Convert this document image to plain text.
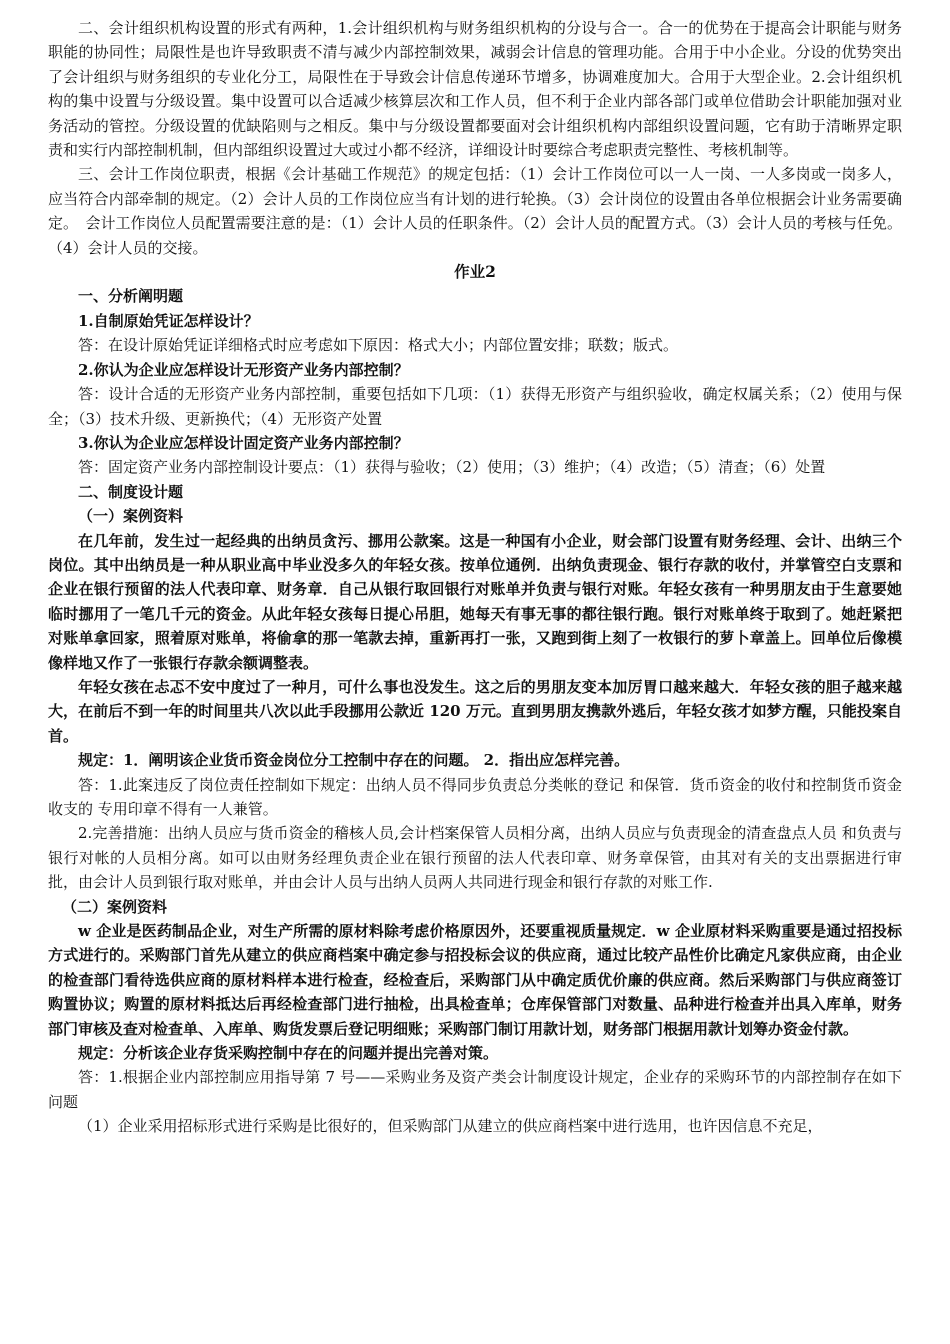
二、会计组织机构设置的形式有两种，1.会计组织机构与财务组织机构的分设与合一。合一的优势在于提高会计职能与财务职能的协同性；局限性是也许导致职责不清与减少内部控制效果，减弱会计信息的管理功能。合用于中小企业。分设的优势突出了会计组织与财务组织的专业化分工，局限性在于导致会计信息传递环节增多，协调难度加大。合用于大型企业。2.会计组织机构的集中设置与分级设置。集中设置可以合适减少核算层次和工作人员，但不利于企业内部各部门或单位借助会计职能加强对业务活动的管控。分级设置的优缺陷则与之相反。集中与分级设置都要面对会计组织机构内部组织设置问题，它有助于清晰界定职责和实行内部控制机制，但内部组织设置过大或过小都不经济，详细设计时要综合考虑职责完整性、考核机制等。

三、会计工作岗位职责，根据《会计基础工作规范》的规定包括：（1）会计工作岗位可以一人一岗、一人多岗或一岗多人，应当符合内部牵制的规定。（2）会计人员的工作岗位应当有计划的进行轮换。（3）会计岗位的设置由各单位根据会计业务需要确定。　会计工作岗位人员配置需要注意的是：（1）会计人员的任职条件。（2）会计人员的配置方式。（3）会计人员的考核与任免。（4）会计人员的交接。

作业2

一、分析阐明题

1.自制原始凭证怎样设计？

答：在设计原始凭证详细格式时应考虑如下原因：格式大小；内部位置安排；联数；版式。

2.你认为企业应怎样设计无形资产业务内部控制？

答：设计合适的无形资产业务内部控制，重要包括如下几项：（1）获得无形资产与组织验收，确定权属关系；（2）使用与保全；（3）技术升级、更新换代；（4）无形资产处置

3.你认为企业应怎样设计固定资产业务内部控制？

答：固定资产业务内部控制设计要点：（1）获得与验收；（2）使用；（3）维护；（4）改造；（5）清查；（6）处置

二、制度设计题

（一）案例资料

在几年前，发生过一起经典的出纳员贪污、挪用公款案。这是一种国有小企业，财会部门设置有财务经理、会计、出纳三个岗位。其中出纳员是一种从职业高中毕业没多久的年轻女孩。按单位通例．出纳负责现金、银行存款的收付，并掌管空白支票和企业在银行预留的法人代表印章、财务章．自己从银行取回银行对账单并负责与银行对账。年轻女孩有一种男朋友由于生意要她临时挪用了一笔几千元的资金。从此年轻女孩每日提心吊胆，她每天有事无事的都往银行跑。银行对账单终于取到了。她赶紧把对账单拿回家，照着原对账单，将偷拿的那一笔款去掉，重新再打一张，又跑到街上刻了一枚银行的萝卜章盖上。回单位后像模像样地又作了一张银行存款余额调整表。

年轻女孩在忐忑不安中度过了一种月，可什么事也没发生。这之后的男朋友变本加厉胃口越来越大．年轻女孩的胆子越来越大，在前后不到一年的时间里共八次以此手段挪用公款近 120 万元。直到男朋友携款外逃后，年轻女孩才如梦方醒，只能投案自首。

规定：1．阐明该企业货币资金岗位分工控制中存在的问题。 2．指出应怎样完善。

答：1.此案违反了岗位责任控制如下规定：出纳人员不得同步负责总分类帐的登记 和保管．货币资金的收付和控制货币资金收支的 专用印章不得有一人兼管。

2.完善措施：出纳人员应与货币资金的稽核人员,会计档案保管人员相分离，出纳人员应与负责现金的清查盘点人员 和负责与银行对帐的人员相分离。如可以由财务经理负责企业在银行预留的法人代表印章、财务章保管，由其对有关的支出票据进行审批，由会计人员到银行取对账单，并由会计人员与出纳人员两人共同进行现金和银行存款的对账工作.

（二）案例资料

w 企业是医药制品企业，对生产所需的原材料除考虑价格原因外，还要重视质量规定．w 企业原材料采购重要是通过招投标方式进行的。采购部门首先从建立的供应商档案中确定参与招投标会议的供应商，通过比较产品性价比确定凡家供应商，由企业的检查部门看待选供应商的原材料样本进行检查，经检查后，采购部门从中确定质优价廉的供应商。然后采购部门与供应商签订购置协议；购置的原材料抵达后再经检查部门进行抽检，出具检查单；仓库保管部门对数量、品种进行检查并出具入库单，财务部门审核及查对检查单、入库单、购货发票后登记明细账；采购部门制订用款计划，财务部门根据用款计划筹办资金付款。

规定：分析该企业存货采购控制中存在的问题并提出完善对策。

答：1.根据企业内部控制应用指导第 7 号——采购业务及资产类会计制度设计规定，企业存的采购环节的内部控制存在如下问题

（1）企业采用招标形式进行采购是比很好的，但采购部门从建立的供应商档案中进行选用，也许因信息不充足，
